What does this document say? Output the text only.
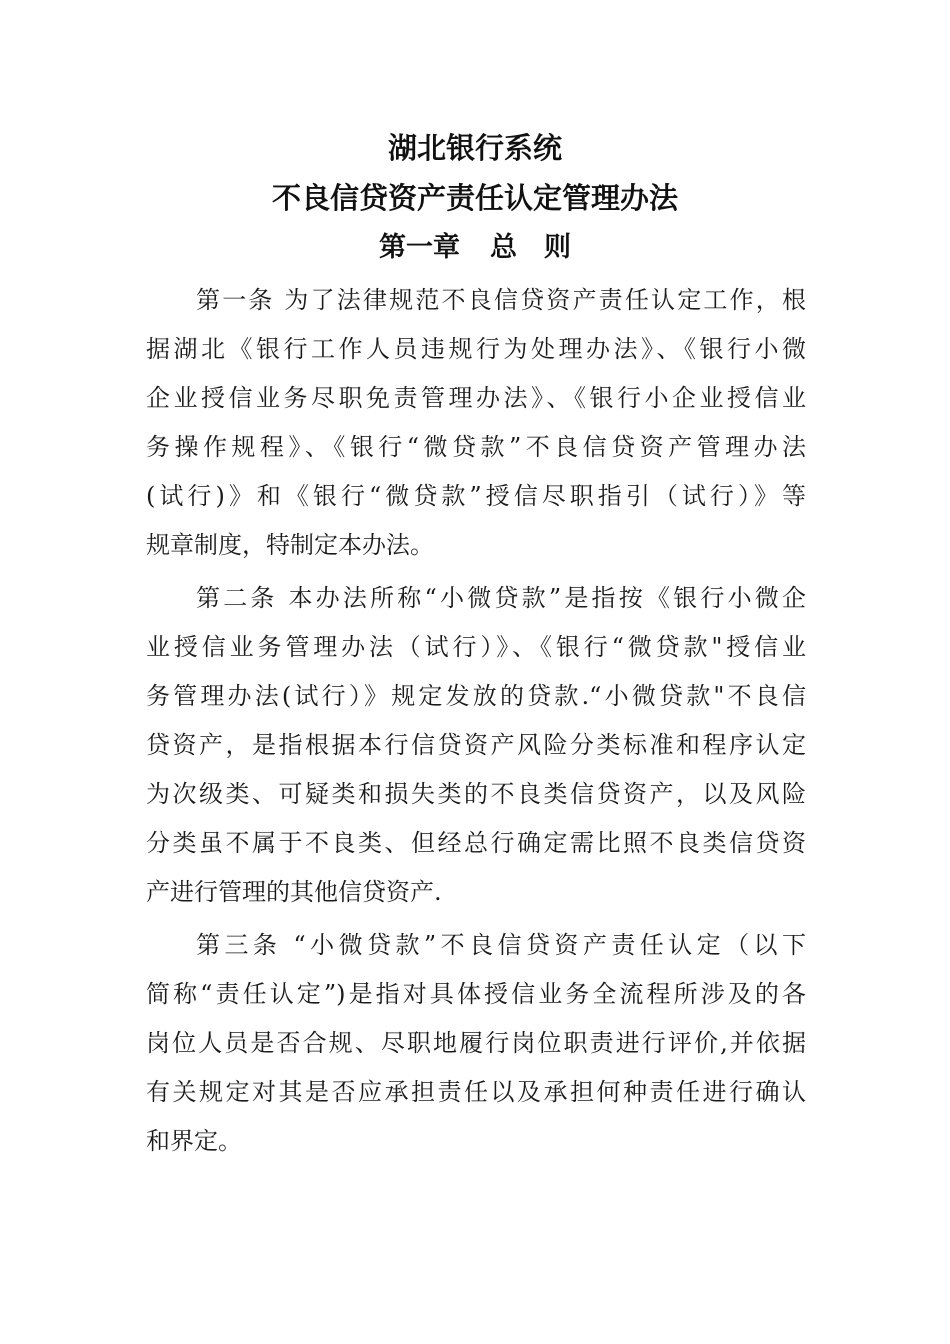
湖北银行系统
不良信贷资产责任认定管理办法
第一章 总　则
第一条 为了法律规范不良信贷资产责任认定工作，根
据湖北《银行工作人员违规行为处理办法》、《银行小微
企业授信业务尽职免责管理办法》、《银行小企业授信业
务操作规程》、《银行“微贷款”不良信贷资产管理办法
(试行)》和《银行“微贷款”授信尽职指引（试行）》等
规章制度，特制定本办法。
第二条 本办法所称“小微贷款”是指按《银行小微企
业授信业务管理办法（试行）》、《银行“微贷款"授信业
务管理办法(试行）》规定发放的贷款.“小微贷款"不良信
贷资产，是指根据本行信贷资产风险分类标准和程序认定
为次级类、可疑类和损失类的不良类信贷资产，以及风险
分类虽不属于不良类、但经总行确定需比照不良类信贷资
产进行管理的其他信贷资产.
第三条 “小微贷款”不良信贷资产责任认定（以下
简称“责任认定”)是指对具体授信业务全流程所涉及的各
岗位人员是否合规、尽职地履行岗位职责进行评价,并依据
有关规定对其是否应承担责任以及承担何种责任进行确认
和界定。
